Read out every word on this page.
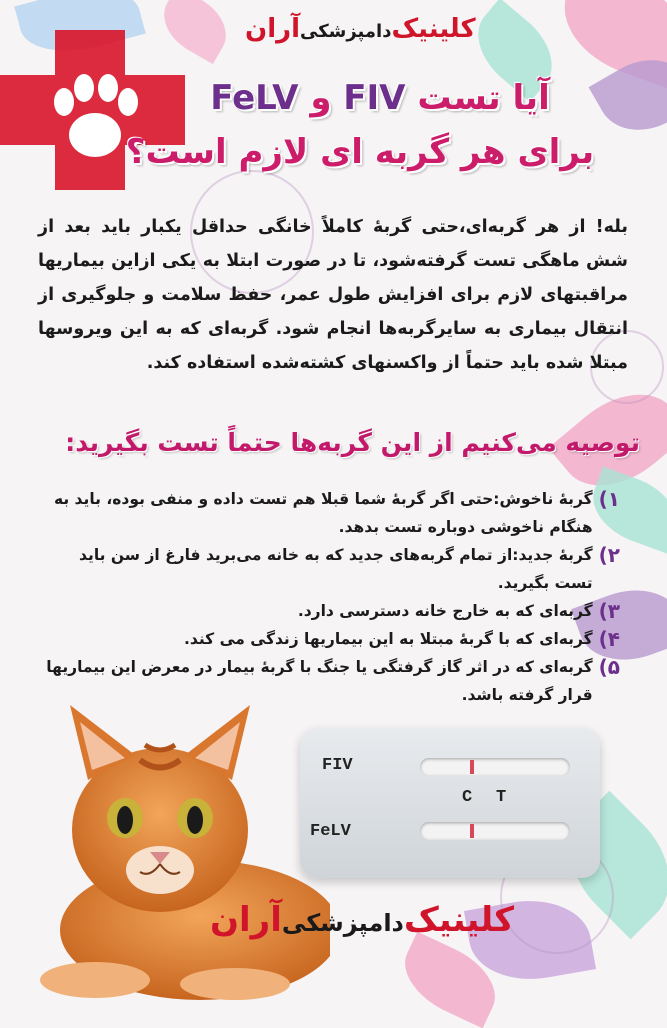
کلینیک
دامپزشکی
آران
آیا تست FIV و FeLV
برای هر گربه ای لازم است؟
بله! از هر گربه‌ای،حتی گربهٔ کاملاً خانگی حداقل یکبار باید بعد از شش ماهگی تست گرفته‌شود، تا در صورت ابتلا به یکی ازاین بیماریها مراقبتهای لازم برای افزایش طول عمر، حفظ سلامت و جلوگیری از انتقال بیماری به سایرگربه‌ها انجام شود. گربه‌ای که به این ویروسها مبتلا شده باید حتماً از واکسنهای کشته‌شده استفاده کند.
توصیه می‌کنیم از این گربه‌ها حتماً تست بگیرید:
۱)
گربهٔ ناخوش:حتی اگر گربهٔ شما قبلا هم تست داده و منفی بوده، باید به هنگام ناخوشی دوباره تست بدهد.
۲)
گربهٔ جدید:از تمام گربه‌های جدید که به خانه می‌برید فارغ از سن باید تست بگیرید.
۳)
گربه‌ای که به خارج خانه دسترسی دارد.
۴)
گربه‌ای که با گربهٔ مبتلا به این بیماریها زندگی می کند.
۵)
گربه‌ای که در اثر گاز گرفتگی یا جنگ با گربهٔ بیمار در معرض این بیماریها قرار گرفته باشد.
FIV
C T
FeLV
کلینیک
دامپزشکی
آران
